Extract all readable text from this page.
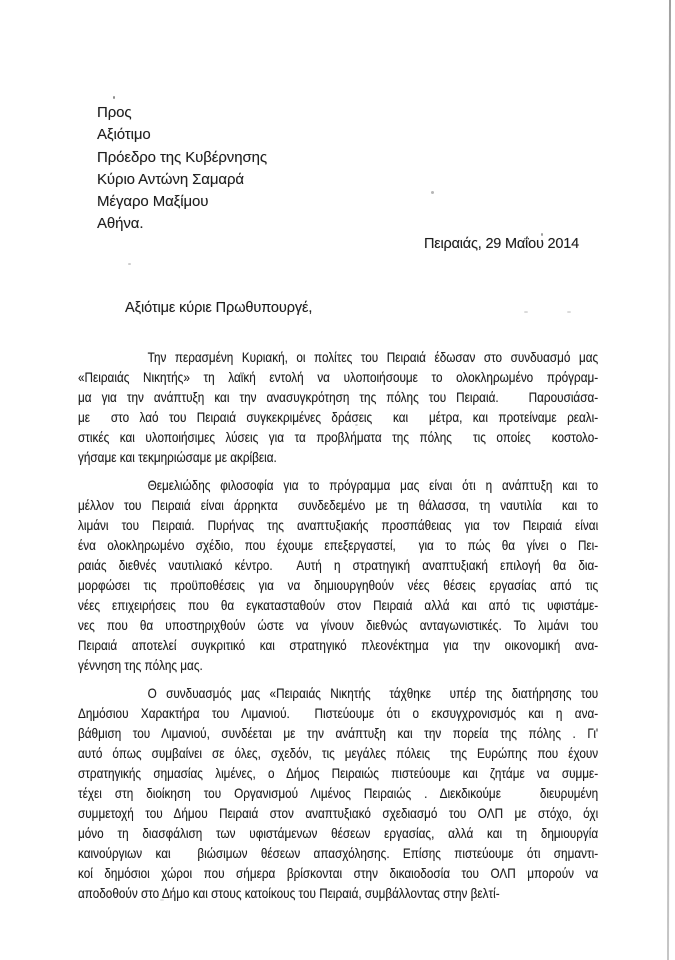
Προς
Αξιότιμο
Πρόεδρο της Κυβέρνησης
Κύριο Αντώνη Σαμαρά
Μέγαρο Μαξίμου
Αθήνα.
Πειραιάς, 29 Μαΐου 2014
Αξιότιμε κύριε Πρωθυπουργέ,
Την περασμένη Κυριακή, οι πολίτες του Πειραιά έδωσαν στο συνδυασμό μας
«Πειραιάς Νικητής» τη λαϊκή εντολή να υλοποιήσουμε το ολοκληρωμένο πρόγραμ-
μα για την ανάπτυξη και την ανασυγκρότηση της πόλης του Πειραιά.   Παρουσιάσα-
με  στο λαό του Πειραιά συγκεκριμένες δράσεις  και  μέτρα, και προτείναμε ρεαλι-
στικές και υλοποιήσιμες λύσεις για τα προβλήματα της πόλης  τις οποίες  κοστολο-
γήσαμε και τεκμηριώσαμε με ακρίβεια.
Θεμελιώδης φιλοσοφία για το πρόγραμμα μας είναι ότι η ανάπτυξη και το
μέλλον του Πειραιά είναι άρρηκτα  συνδεδεμένο με τη θάλασσα, τη ναυτιλία  και το
λιμάνι του Πειραιά. Πυρήνας της αναπτυξιακής προσπάθειας για τον Πειραιά είναι
ένα ολοκληρωμένο σχέδιο, που έχουμε επεξεργαστεί,  για το πώς θα γίνει ο Πει-
ραιάς διεθνές ναυτιλιακό κέντρο.  Αυτή η στρατηγική αναπτυξιακή επιλογή θα δια-
μορφώσει τις προϋποθέσεις για να δημιουργηθούν νέες θέσεις εργασίας από τις
νέες επιχειρήσεις που θα εγκατασταθούν στον Πειραιά αλλά και από τις υφιστάμε-
νες που θα υποστηριχθούν ώστε να γίνουν διεθνώς ανταγωνιστικές. Το λιμάνι του
Πειραιά αποτελεί συγκριτικό και στρατηγικό πλεονέκτημα για την οικονομική ανα-
γέννηση της πόλης μας.
Ο συνδυασμός μας «Πειραιάς Νικητής  τάχθηκε  υπέρ της διατήρησης του
Δημόσιου Χαρακτήρα του Λιμανιού.  Πιστεύουμε ότι ο εκσυγχρονισμός και η ανα-
βάθμιση του Λιμανιού, συνδέεται με την ανάπτυξη και την πορεία της πόλης . Γι'
αυτό όπως συμβαίνει σε όλες, σχεδόν, τις μεγάλες πόλεις  της Ευρώπης που έχουν
στρατηγικής σημασίας λιμένες, ο Δήμος Πειραιώς πιστεύουμε και ζητάμε να συμμε-
τέχει στη διοίκηση του Οργανισμού Λιμένος Πειραιώς . Διεκδικούμε   διευρυμένη
συμμετοχή του Δήμου Πειραιά στον αναπτυξιακό σχεδιασμό του ΟΛΠ με στόχο, όχι
μόνο τη διασφάλιση των υφιστάμενων θέσεων εργασίας, αλλά και τη δημιουργία
καινούργιων και  βιώσιμων θέσεων απασχόλησης. Επίσης πιστεύουμε ότι σημαντι-
κοί δημόσιοι χώροι που σήμερα βρίσκονται στην δικαιοδοσία του ΟΛΠ μπορούν να
αποδοθούν στο Δήμο και στους κατοίκους του Πειραιά, συμβάλλοντας στην βελτί-
